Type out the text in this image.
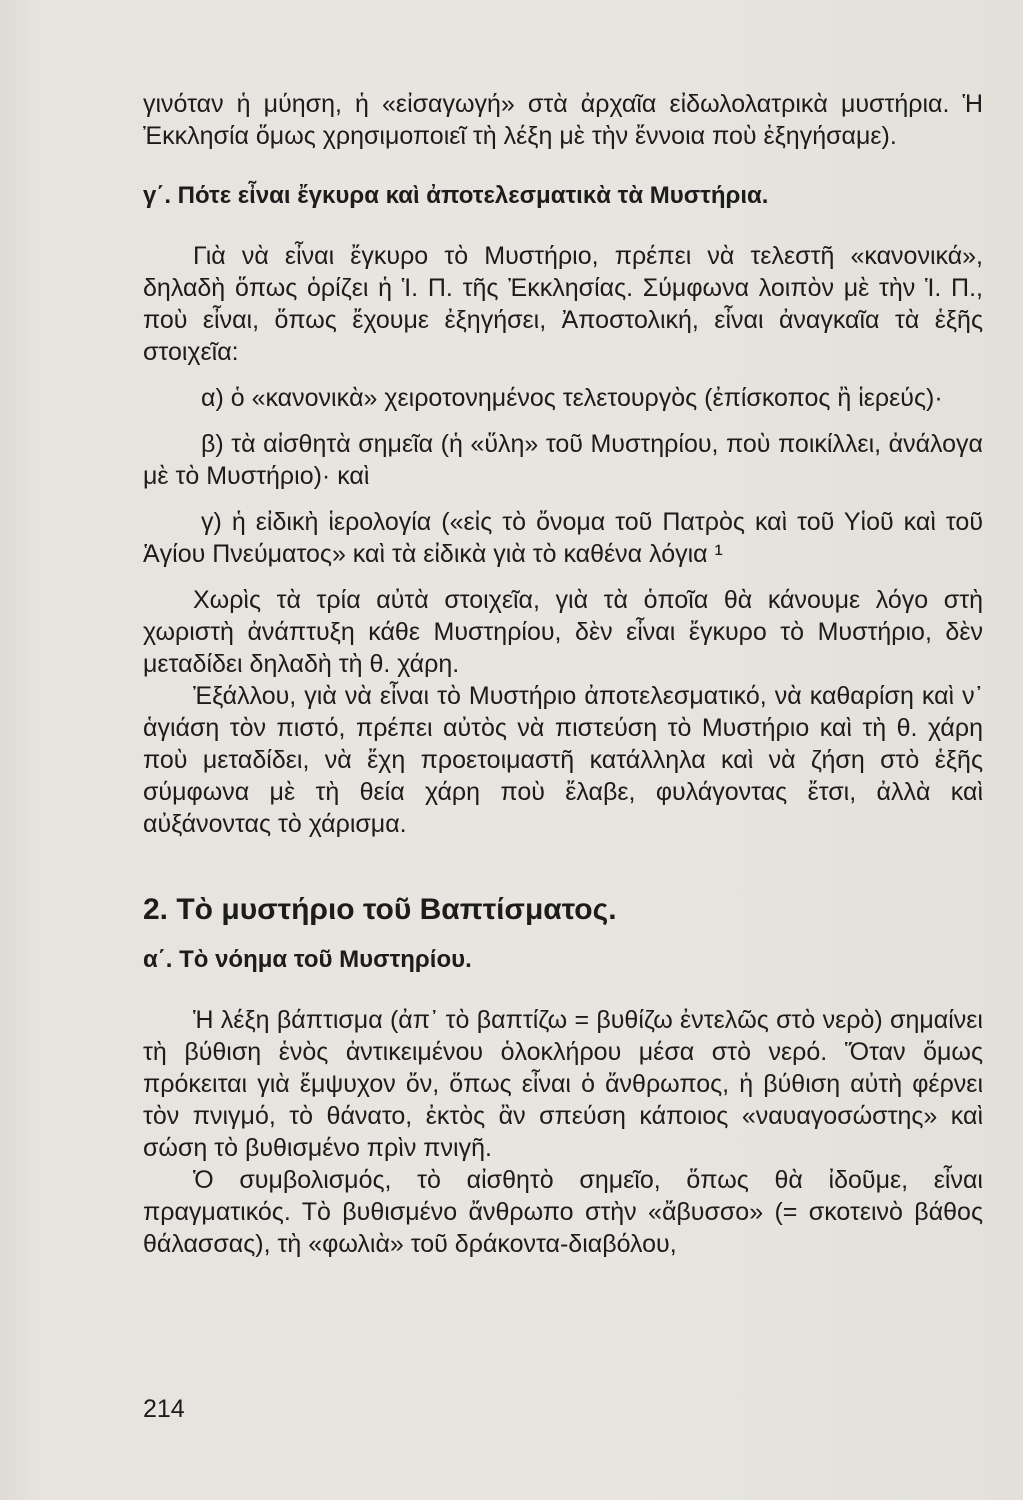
γινόταν ἡ μύηση, ἡ «εἰσαγωγή» στὰ ἀρχαῖα εἰδωλολατρικὰ μυστήρια. Ἡ Ἐκκλησία ὅμως χρησιμοποιεῖ τὴ λέξη μὲ τὴν ἔννοια ποὺ ἐξηγήσαμε).

γ΄. Πότε εἶναι ἔγκυρα καὶ ἀποτελεσματικὰ τὰ Μυστήρια.

Γιὰ νὰ εἶναι ἔγκυρο τὸ Μυστήριο, πρέπει νὰ τελεστῆ «κανονικά», δηλαδὴ ὅπως ὁρίζει ἡ Ἱ. Π. τῆς Ἐκκλησίας. Σύμφωνα λοιπὸν μὲ τὴν Ἱ. Π., ποὺ εἶναι, ὅπως ἔχουμε ἐξηγήσει, Ἀποστολική, εἶναι ἀναγκαῖα τὰ ἑξῆς στοιχεῖα:

α) ὁ «κανονικὰ» χειροτονημένος τελετουργὸς (ἐπίσκοπος ἢ ἱερεύς)·

β) τὰ αἰσθητὰ σημεῖα (ἡ «ὕλη» τοῦ Μυστηρίου, ποὺ ποικίλλει, ἀνάλογα μὲ τὸ Μυστήριο)· καὶ

γ) ἡ εἰδικὴ ἱερολογία («εἰς τὸ ὄνομα τοῦ Πατρὸς καὶ τοῦ Υἱοῦ καὶ τοῦ Ἁγίου Πνεύματος» καὶ τὰ εἰδικὰ γιὰ τὸ καθένα λόγια ¹

Χωρὶς τὰ τρία αὐτὰ στοιχεῖα, γιὰ τὰ ὁποῖα θὰ κάνουμε λόγο στὴ χωριστὴ ἀνάπτυξη κάθε Μυστηρίου, δὲν εἶναι ἔγκυρο τὸ Μυστήριο, δὲν μεταδίδει δηλαδὴ τὴ θ. χάρη.

Ἐξάλλου, γιὰ νὰ εἶναι τὸ Μυστήριο ἀποτελεσματικό, νὰ καθαρίση καὶ ν᾿ ἁγιάση τὸν πιστό, πρέπει αὐτὸς νὰ πιστεύση τὸ Μυστήριο καὶ τὴ θ. χάρη ποὺ μεταδίδει, νὰ ἔχη προετοιμαστῆ κατάλληλα καὶ νὰ ζήση στὸ ἑξῆς σύμφωνα μὲ τὴ θεία χάρη ποὺ ἔλαβε, φυλάγοντας ἔτσι, ἀλλὰ καὶ αὐξάνοντας τὸ χάρισμα.

2. Τὸ μυστήριο τοῦ Βαπτίσματος.
α΄. Τὸ νόημα τοῦ Μυστηρίου.

Ἡ λέξη βάπτισμα (ἀπ᾿ τὸ βαπτίζω = βυθίζω ἐντελῶς στὸ νερὸ) σημαίνει τὴ βύθιση ἑνὸς ἀντικειμένου ὁλοκλήρου μέσα στὸ νερό. Ὅταν ὅμως πρόκειται γιὰ ἔμψυχον ὄν, ὅπως εἶναι ὁ ἄνθρωπος, ἡ βύθιση αὐτὴ φέρνει τὸν πνιγμό, τὸ θάνατο, ἐκτὸς ἂν σπεύση κάποιος «ναυαγοσώστης» καὶ σώση τὸ βυθισμένο πρὶν πνιγῆ.

Ὁ συμβολισμός, τὸ αἰσθητὸ σημεῖο, ὅπως θὰ ἰδοῦμε, εἶναι πραγματικός. Τὸ βυθισμένο ἄνθρωπο στὴν «ἄβυσσο» (= σκοτεινὸ βάθος θάλασσας), τὴ «φωλιὰ» τοῦ δράκοντα-διαβόλου,

214
